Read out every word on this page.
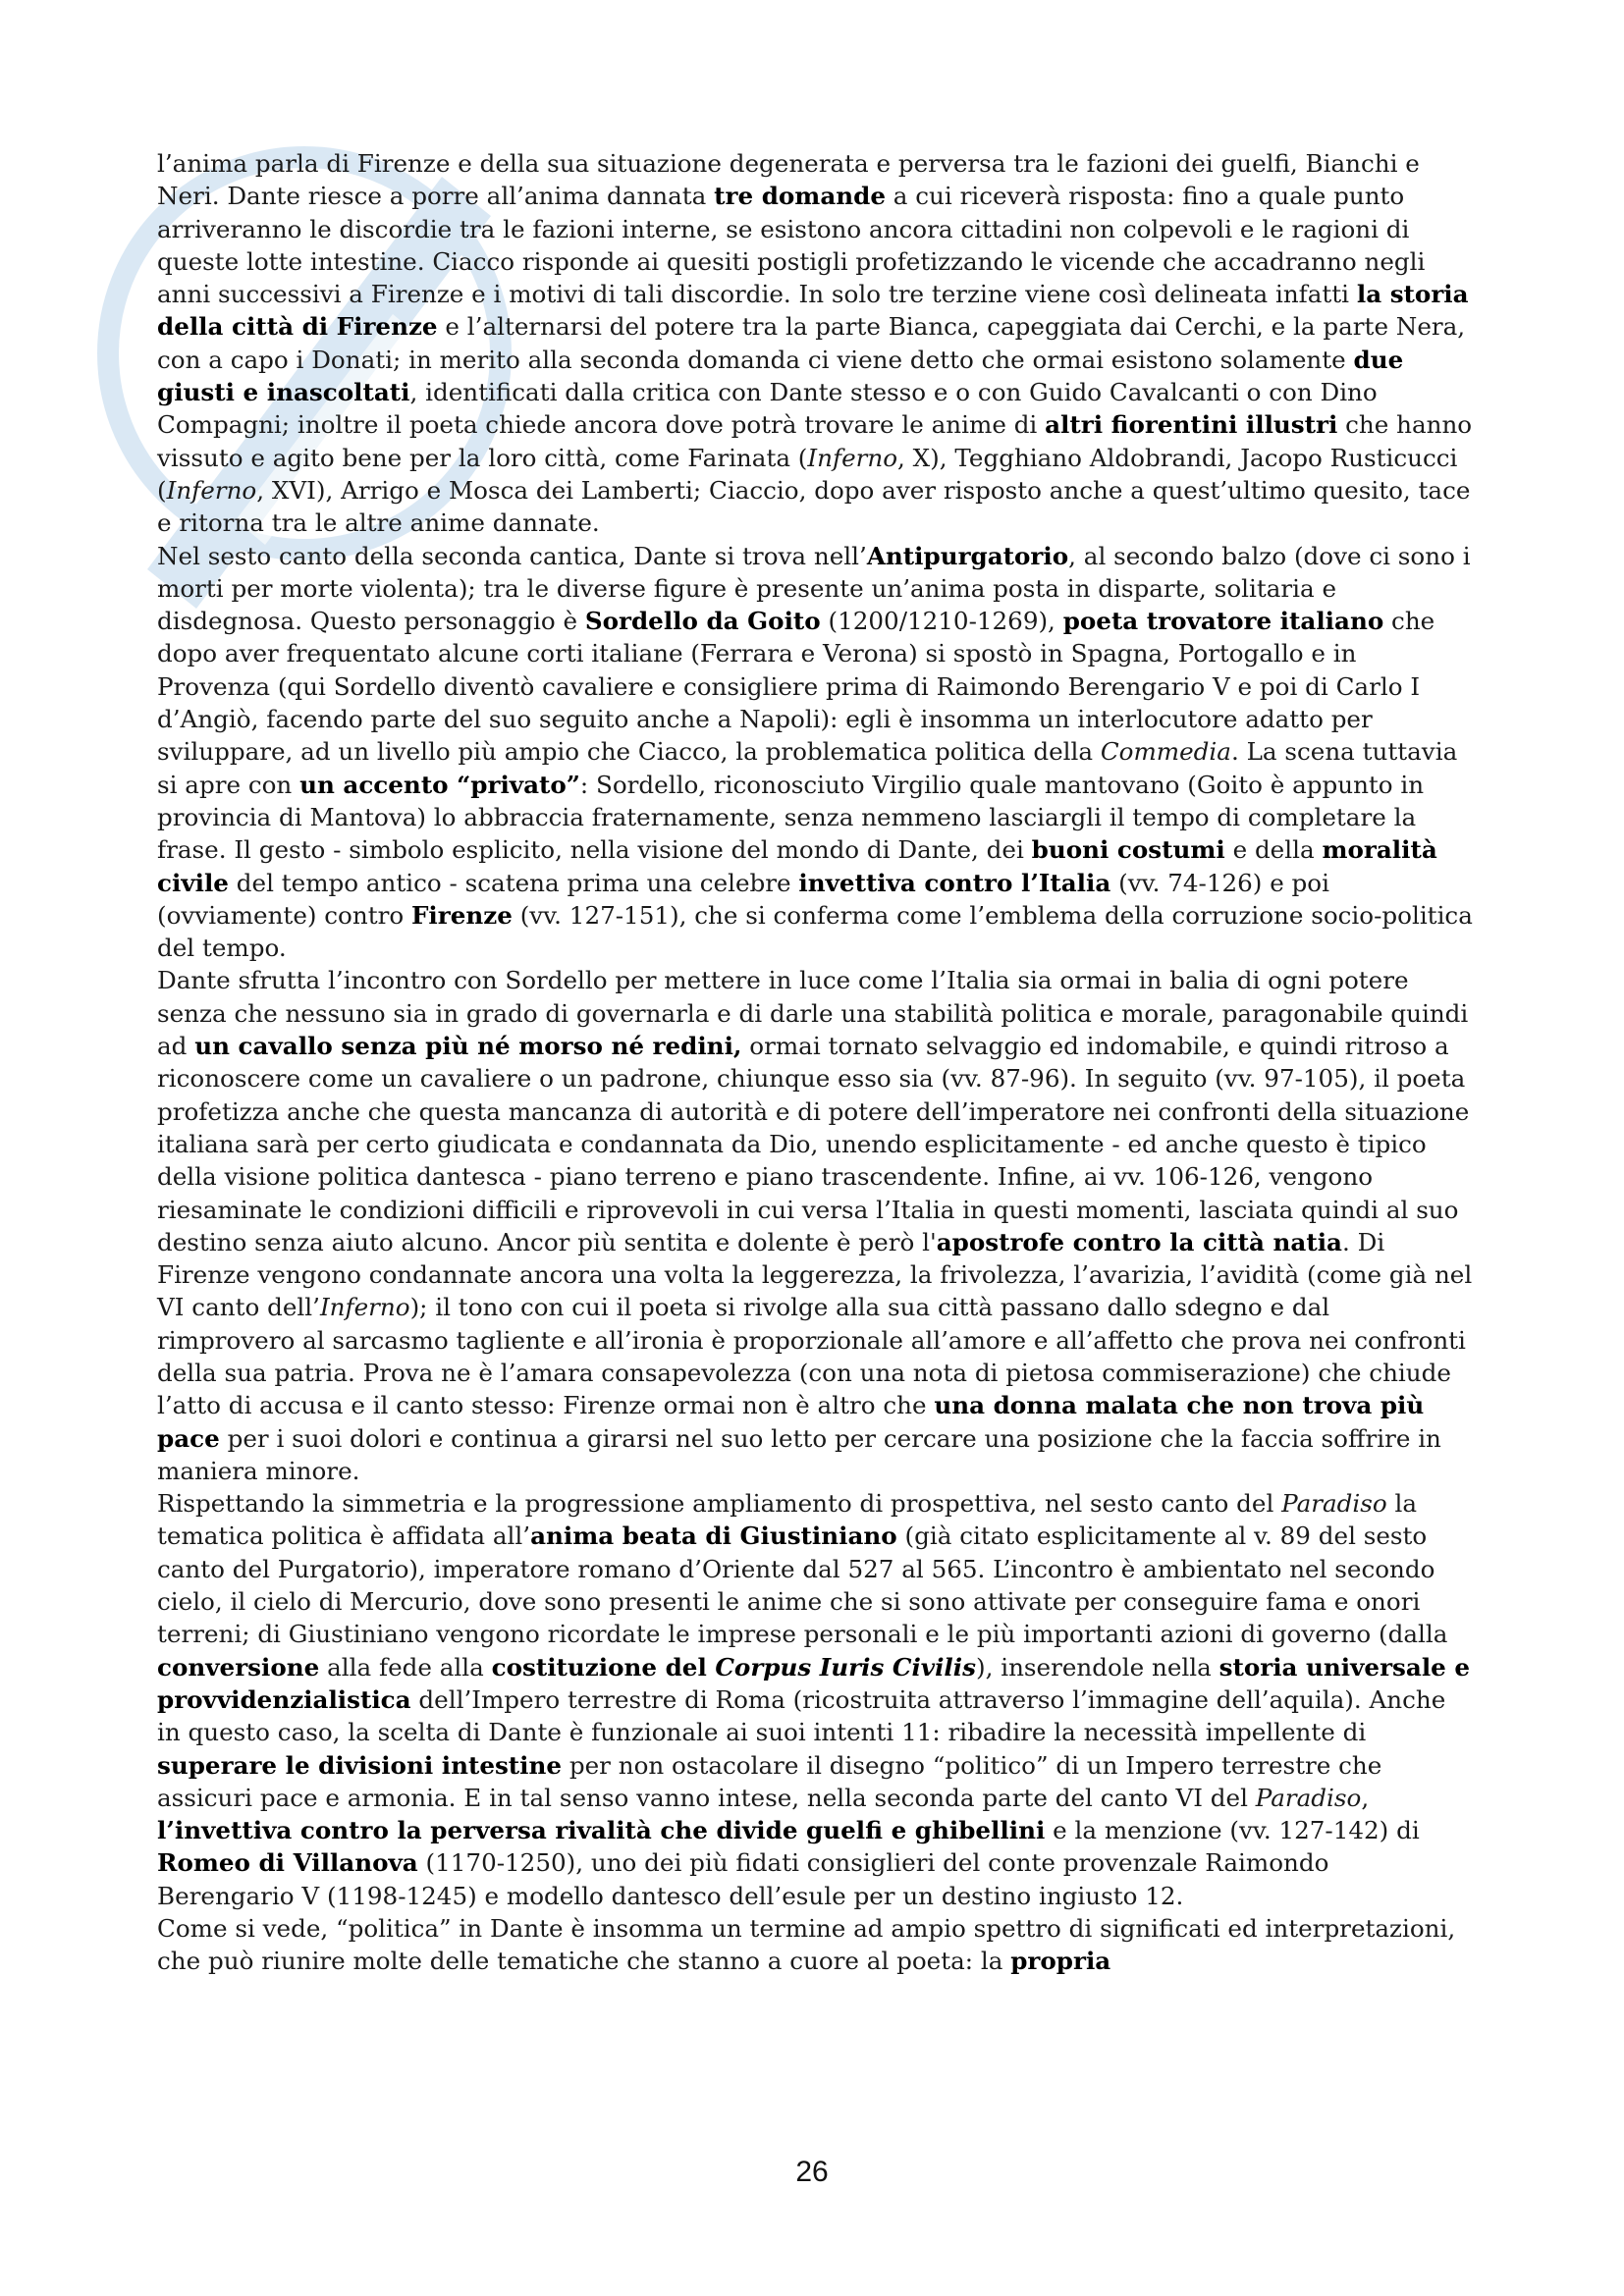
l’anima parla di Firenze e della sua situazione degenerata e perversa tra le fazioni dei guelfi, Bianchi e Neri. Dante riesce a porre all’anima dannata tre domande a cui riceverà risposta: fino a quale punto arriveranno le discordie tra le fazioni interne, se esistono ancora cittadini non colpevoli e le ragioni di queste lotte intestine. Ciacco risponde ai quesiti postigli profetizzando le vicende che accadranno negli anni successivi a Firenze e i motivi di tali discordie. In solo tre terzine viene così delineata infatti la storia della città di Firenze e l’alternarsi del potere tra la parte Bianca, capeggiata dai Cerchi, e la parte Nera, con a capo i Donati; in merito alla seconda domanda ci viene detto che ormai esistono solamente due giusti e inascoltati, identificati dalla critica con Dante stesso e o con Guido Cavalcanti o con Dino Compagni; inoltre il poeta chiede ancora dove potrà trovare le anime di altri fiorentini illustri che hanno vissuto e agito bene per la loro città, come Farinata (Inferno, X), Tegghiano Aldobrandi, Jacopo Rusticucci (Inferno, XVI), Arrigo e Mosca dei Lamberti; Ciaccio, dopo aver risposto anche a quest’ultimo quesito, tace e ritorna tra le altre anime dannate.

Nel sesto canto della seconda cantica, Dante si trova nell’Antipurgatorio, al secondo balzo (dove ci sono i morti per morte violenta); tra le diverse figure è presente un’anima posta in disparte, solitaria e disdegnosa. Questo personaggio è Sordello da Goito (1200/1210-1269), poeta trovatore italiano che dopo aver frequentato alcune corti italiane (Ferrara e Verona) si spostò in Spagna, Portogallo e in Provenza (qui Sordello diventò cavaliere e consigliere prima di Raimondo Berengario V e poi di Carlo I d’Angiò, facendo parte del suo seguito anche a Napoli): egli è insomma un interlocutore adatto per sviluppare, ad un livello più ampio che Ciacco, la problematica politica della Commedia. La scena tuttavia si apre con un accento “privato”: Sordello, riconosciuto Virgilio quale mantovano (Goito è appunto in provincia di Mantova) lo abbraccia fraternamente, senza nemmeno lasciargli il tempo di completare la frase. Il gesto - simbolo esplicito, nella visione del mondo di Dante, dei buoni costumi e della moralità civile del tempo antico - scatena prima una celebre invettiva contro l’Italia (vv. 74-126) e poi (ovviamente) contro Firenze (vv. 127-151), che si conferma come l’emblema della corruzione socio-politica del tempo.

Dante sfrutta l’incontro con Sordello per mettere in luce come l’Italia sia ormai in balia di ogni potere senza che nessuno sia in grado di governarla e di darle una stabilità politica e morale, paragonabile quindi ad un cavallo senza più né morso né redini, ormai tornato selvaggio ed indomabile, e quindi ritroso a riconoscere come un cavaliere o un padrone, chiunque esso sia (vv. 87-96). In seguito (vv. 97-105), il poeta profetizza anche che questa mancanza di autorità e di potere dell’imperatore nei confronti della situazione italiana sarà per certo giudicata e condannata da Dio, unendo esplicitamente - ed anche questo è tipico della visione politica dantesca - piano terreno e piano trascendente. Infine, ai vv. 106-126, vengono riesaminate le condizioni difficili e riprovevoli in cui versa l’Italia in questi momenti, lasciata quindi al suo destino senza aiuto alcuno. Ancor più sentita e dolente è però l'apostrofe contro la città natia. Di Firenze vengono condannate ancora una volta la leggerezza, la frivolezza, l’avarizia, l’avidità (come già nel VI canto dell’Inferno); il tono con cui il poeta si rivolge alla sua città passano dallo sdegno e dal rimprovero al sarcasmo tagliente e all’ironia è proporzionale all’amore e all’affetto che prova nei confronti della sua patria. Prova ne è l’amara consapevolezza (con una nota di pietosa commiserazione) che chiude l’atto di accusa e il canto stesso: Firenze ormai non è altro che una donna malata che non trova più pace per i suoi dolori e continua a girarsi nel suo letto per cercare una posizione che la faccia soffrire in maniera minore.

Rispettando la simmetria e la progressione ampliamento di prospettiva, nel sesto canto del Paradiso la tematica politica è affidata all’anima beata di Giustiniano (già citato esplicitamente al v. 89 del sesto canto del Purgatorio), imperatore romano d’Oriente dal 527 al 565. L’incontro è ambientato nel secondo cielo, il cielo di Mercurio, dove sono presenti le anime che si sono attivate per conseguire fama e onori terreni; di Giustiniano vengono ricordate le imprese personali e le più importanti azioni di governo (dalla conversione alla fede alla costituzione del Corpus Iuris Civilis), inserendole nella storia universale e provvidenzialistica dell’Impero terrestre di Roma (ricostruita attraverso l’immagine dell’aquila). Anche in questo caso, la scelta di Dante è funzionale ai suoi intenti 11: ribadire la necessità impellente di superare le divisioni intestine per non ostacolare il disegno “politico” di un Impero terrestre che assicuri pace e armonia. E in tal senso vanno intese, nella seconda parte del canto VI del Paradiso, l’invettiva contro la perversa rivalità che divide guelfi e ghibellini e la menzione (vv. 127-142) di Romeo di Villanova (1170-1250), uno dei più fidati consiglieri del conte provenzale Raimondo Berengario V (1198-1245) e modello dantesco dell’esule per un destino ingiusto 12.

Come si vede, “politica” in Dante è insomma un termine ad ampio spettro di significati ed interpretazioni, che può riunire molte delle tematiche che stanno a cuore al poeta: la propria

26
